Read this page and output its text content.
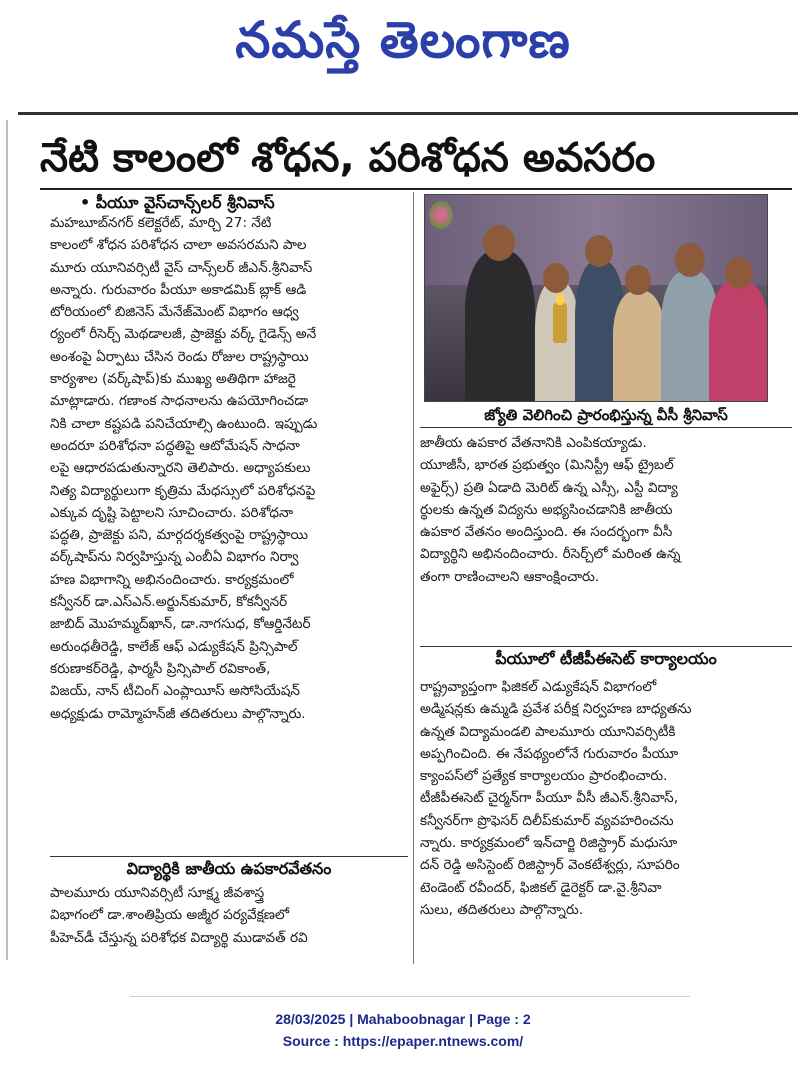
నమస్తే తెలంగాణ
నేటి కాలంలో శోధన, పరిశోధన అవసరం
• పీయూ వైస్‌చాన్స్‌లర్ శ్రీనివాస్
మహబూబ్‌నగర్ కలెక్టరేట్, మార్చి 27: నేటి
కాలంలో శోధన పరిశోధన చాలా అవసరమని పాల
మూరు యూనివర్సిటీ వైస్ చాన్స్‌లర్ జీఎన్.శ్రీనివాస్
అన్నారు. గురువారం పీయూ అకాడమిక్ బ్లాక్ ఆడి
టోరియంలో బిజినెస్ మేనేజ్‌మెంట్ విభాగం ఆధ్వ
ర్యంలో రీసెర్చ్ మెథడాలజీ, ప్రాజెక్టు వర్క్ గైడెన్స్ అనే
అంశంపై ఏర్పాటు చేసిన రెండు రోజుల రాష్ట్రస్థాయి
కార్యశాల (వర్క్‌షాప్)కు ముఖ్య అతిథిగా హాజరై
మాట్లాడారు. గణాంక సాధనాలను ఉపయోగించడా
నికి చాలా కష్టపడి పనిచేయాల్సి ఉంటుంది. ఇప్పుడు
అందరూ పరిశోధనా పద్ధతిపై ఆటోమేషన్ సాధనా
లపై ఆధారపడుతున్నారని తెలిపారు. అధ్యాపకులు
నిత్య విద్యార్థులుగా కృత్రిమ మేధస్సులో పరిశోధనపై
ఎక్కువ దృష్టి పెట్టాలని సూచించారు. పరిశోధనా
పద్ధతి, ప్రాజెక్టు పని, మార్గదర్శకత్వంపై రాష్ట్రస్థాయి
వర్క్‌షాప్‌ను నిర్వహిస్తున్న ఎంబీఏ విభాగం నిర్వా
హణ విభాగాన్ని అభినందించారు. కార్యక్రమంలో
కన్వీనర్ డా.ఎస్‌ఎన్.అర్జున్‌కుమార్, కోకన్వీనర్
జాబిద్ మొహమ్మద్‌ఖాన్, డా.నాగసుధ, కోఆర్డినేటర్
అరుంధతీరెడ్డి, కాలేజ్ ఆఫ్ ఎడ్యుకేషన్ ప్రిన్సిపాల్
కరుణాకర్‌రెడ్డి, ఫార్మసీ ప్రిన్సిపాల్ రవికాంత్,
విజయ్, నాన్ టీచింగ్ ఎంప్లాయీస్ అసోసియేషన్
అధ్యక్షుడు రామ్మోహన్‌జీ తదితరులు పాల్గొన్నారు.
విద్యార్థికి జాతీయ ఉపకారవేతనం
పాలమూరు యూనివర్సిటీ సూక్ష్మ జీవశాస్త్ర
విభాగంలో డా.శాంతిప్రియ అజ్మీర పర్యవేక్షణలో
పీహెచ్‌డీ చేస్తున్న పరిశోధక విద్యార్థి ముడావత్ రవి
జ్యోతి వెలిగించి ప్రారంభిస్తున్న వీసీ శ్రీనివాస్
జాతీయ ఉపకార వేతనానికి ఎంపికయ్యాడు.
యూజీసీ, భారత ప్రభుత్వం (మినిస్ట్రీ ఆఫ్ ట్రైబల్
అఫైర్స్) ప్రతి ఏడాది మెరిట్ ఉన్న ఎస్సీ, ఎస్టీ విద్యా
ర్థులకు ఉన్నత విద్యను అభ్యసించడానికి జాతీయ
ఉపకార వేతనం అందిస్తుంది. ఈ సందర్భంగా వీసీ
విద్యార్థిని అభినందించారు. రీసెర్చ్‌లో మరింత ఉన్న
తంగా రాణించాలని ఆకాంక్షించారు.
పీయూలో టీజీపీఈసెట్ కార్యాలయం
రాష్ట్రవ్యాప్తంగా ఫిజికల్ ఎడ్యుకేషన్ విభాగంలో
అడ్మిషన్లకు ఉమ్మడి ప్రవేశ పరీక్ష నిర్వహణ బాధ్యతను
ఉన్నత విద్యామండలి పాలమూరు యూనివర్సిటీకి
అప్పగించింది. ఈ నేపథ్యంలోనే గురువారం పీయూ
క్యాంపస్‌లో ప్రత్యేక కార్యాలయం ప్రారంభించారు.
టీజీపీఈసెట్ చైర్మన్‌గా పీయూ వీసీ జీఎన్.శ్రీనివాస్,
కన్వీనర్‌గా ప్రొఫెసర్ దిలీప్‌కుమార్ వ్యవహరించను
న్నారు. కార్యక్రమంలో ఇన్‌చార్జి రిజిస్ట్రార్ మధుసూ
దన్ రెడ్డి అసిస్టెంట్ రిజిస్ట్రార్ వెంకటేశ్వర్లు, సూపరిం
టెండెంట్ రవీందర్, ఫిజికల్ డైరెక్టర్ డా.వై.శ్రీనివా
సులు, తదితరులు పాల్గొన్నారు.
28/03/2025 | Mahaboobnagar | Page : 2
Source : https://epaper.ntnews.com/
